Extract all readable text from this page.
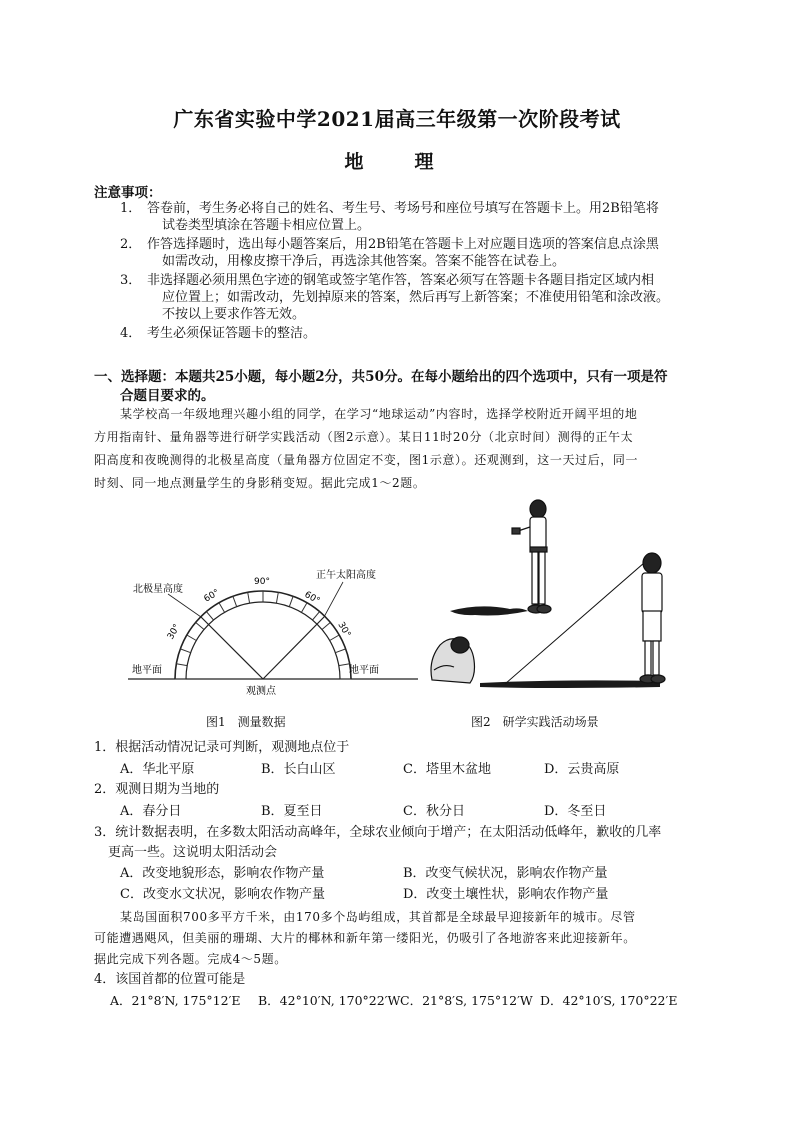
广东省实验中学2021届高三年级第一次阶段考试
地　理
注意事项：
1． 答卷前，考生务必将自己的姓名、考生号、考场号和座位号填写在答题卡上。用2B铅笔将
试卷类型填涂在答题卡相应位置上。
2． 作答选择题时，选出每小题答案后，用2B铅笔在答题卡上对应题目选项的答案信息点涂黑
如需改动，用橡皮擦干净后，再选涂其他答案。答案不能答在试卷上。
3． 非选择题必须用黑色字迹的钢笔或签字笔作答，答案必须写在答题卡各题目指定区域内相
应位置上；如需改动，先划掉原来的答案，然后再写上新答案；不准使用铅笔和涂改液。
不按以上要求作答无效。
4． 考生必须保证答题卡的整洁。
一、选择题：本题共25小题，每小题2分，共50分。在每小题给出的四个选项中，只有一项是符
合题目要求的。
某学校高一年级地理兴趣小组的同学，在学习“地球运动”内容时，选择学校附近开阔平坦的地
方用指南针、量角器等进行研学实践活动（图2示意）。某日11时20分（北京时间）测得的正午太
阳高度和夜晚测得的北极星高度（量角器方位固定不变，图1示意）。还观测到，这一天过后，同一
时刻、同一地点测量学生的身影稍变短。据此完成1～2题。
90°
60°
30°
60°
30°
北极星高度
正午太阳高度
地平面	地平面
观测点
图1　测量数据	图2　研学实践活动场景
1．根据活动情况记录可判断，观测地点位于
A．华北平原	B．长白山区	C．塔里木盆地	D．云贵高原
2．观测日期为当地的
A．春分日	B．夏至日	C．秋分日	D．冬至日
3．统计数据表明，在多数太阳活动高峰年，全球农业倾向于增产；在太阳活动低峰年，歉收的几率
更高一些。这说明太阳活动会
A．改变地貌形态，影响农作物产量	B．改变气候状况，影响农作物产量
C．改变水文状况，影响农作物产量	D．改变土壤性状，影响农作物产量
某岛国面积700多平方千米，由170多个岛屿组成，其首都是全球最早迎接新年的城市。尽管
可能遭遇飓风，但美丽的珊瑚、大片的椰林和新年第一缕阳光，仍吸引了各地游客来此迎接新年。
据此完成下列各题。完成4～5题。
4．该国首都的位置可能是
A．21°8′N, 175°12′E B．42°10′N, 170°22′W C．21°8′S, 175°12′W D．42°10′S, 170°22′E
